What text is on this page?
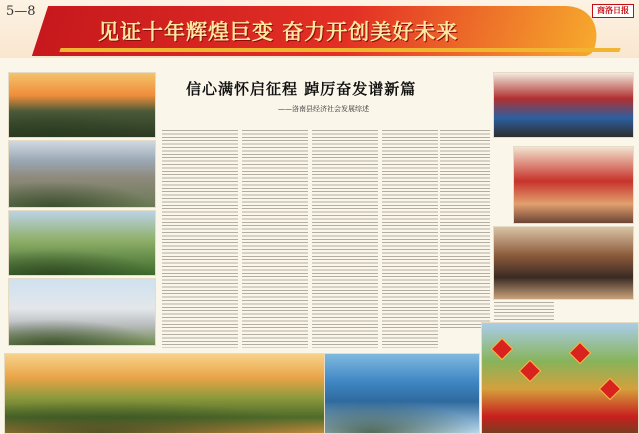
5—8
见证十年辉煌巨变 奋力开创美好未来
商洛日报
信心满怀启征程 踔厉奋发谱新篇
——洛南县经济社会发展综述
